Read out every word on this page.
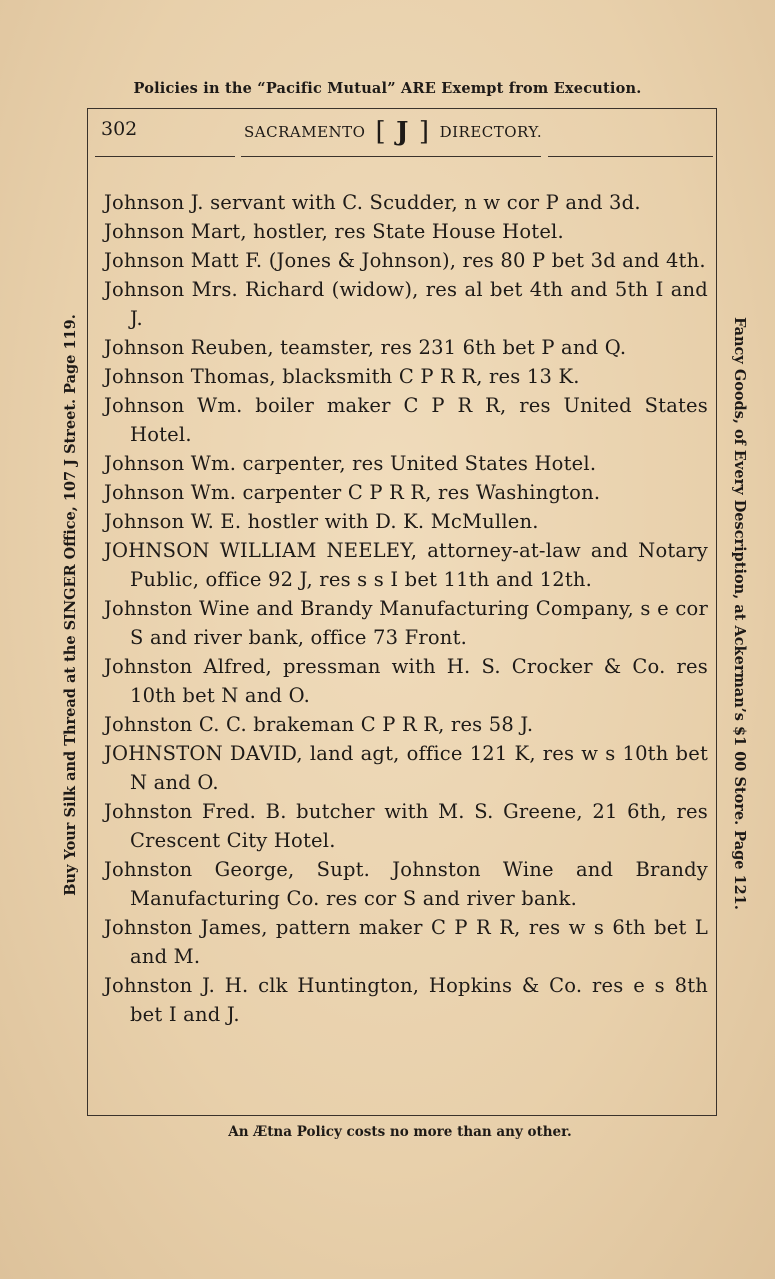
Policies in the “Pacific Mutual” ARE Exempt from Execution.
Buy Your Silk and Thread at the SINGER Office, 107 J Street. Page 119.	Fancy Goods, of Every Description, at Ackerman’s $1 00 Store. Page 121.
302	SACRAMENTO [ J ] DIRECTORY.
Johnson J. servant with C. Scudder, n w cor P and 3d.
Johnson Mart, hostler, res State House Hotel.
Johnson Matt F. (Jones & Johnson), res 80 P bet 3d and 4th.
Johnson Mrs. Richard (widow), res al bet 4th and 5th I and J.
Johnson Reuben, teamster, res 231 6th bet P and Q.
Johnson Thomas, blacksmith C P R R, res 13 K.
Johnson Wm. boiler maker C P R R, res United States Hotel.
Johnson Wm. carpenter, res United States Hotel.
Johnson Wm. carpenter C P R R, res Washington.
Johnson W. E. hostler with D. K. McMullen.
JOHNSON WILLIAM NEELEY, attorney-at-law and Notary Public, office 92 J, res s s I bet 11th and 12th.
Johnston Wine and Brandy Manufacturing Company, s e cor S and river bank, office 73 Front.
Johnston Alfred, pressman with H. S. Crocker & Co. res 10th bet N and O.
Johnston C. C. brakeman C P R R, res 58 J.
JOHNSTON DAVID, land agt, office 121 K, res w s 10th bet N and O.
Johnston Fred. B. butcher with M. S. Greene, 21 6th, res Crescent City Hotel.
Johnston George, Supt. Johnston Wine and Brandy Manufacturing Co. res cor S and river bank.
Johnston James, pattern maker C P R R, res w s 6th bet L and M.
Johnston J. H. clk Huntington, Hopkins & Co. res e s 8th bet I and J.
An Ætna Policy costs no more than any other.
